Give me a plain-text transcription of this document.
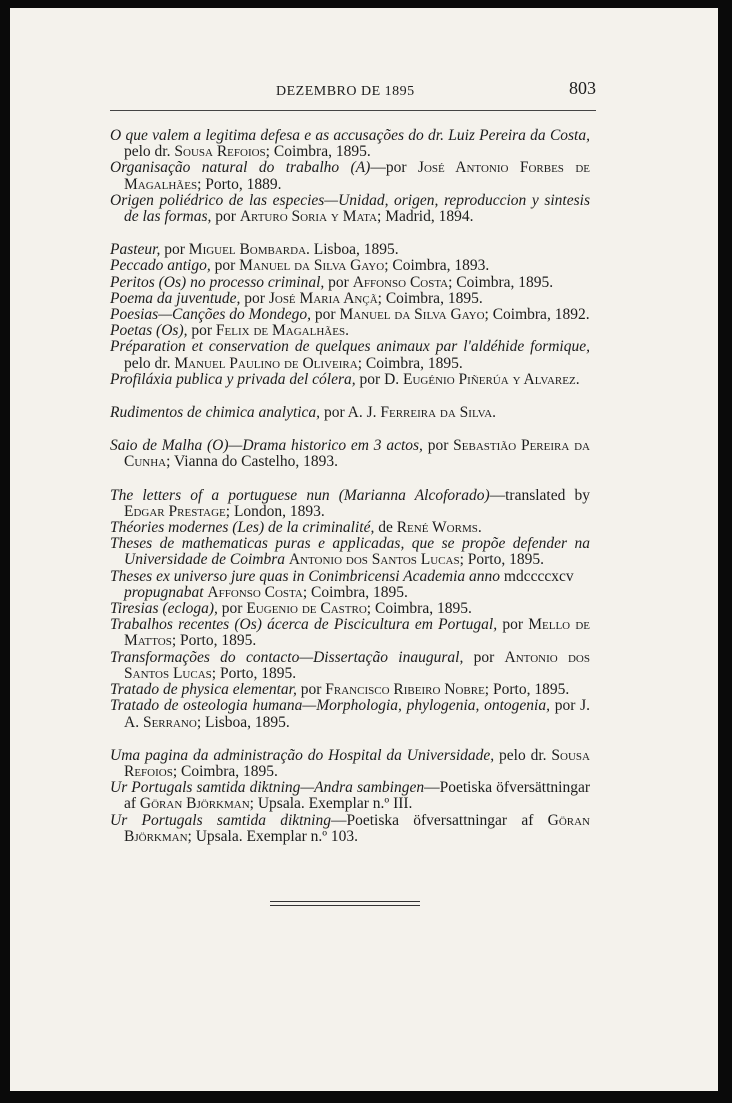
DEZEMBRO DE 1895	803

O que valem a legitima defesa e as accusações do dr. Luiz Pereira da Costa, pelo dr. Sousa Refoios; Coimbra, 1895.

Organisação natural do trabalho (A)—por José Antonio Forbes de Magalhães; Porto, 1889.

Origen poliédrico de las especies—Unidad, origen, reproduccion y sintesis de las formas, por Arturo Soria y Mata; Madrid, 1894.

Pasteur, por Miguel Bombarda. Lisboa, 1895.

Peccado antigo, por Manuel da Silva Gayo; Coimbra, 1893.

Peritos (Os) no processo criminal, por Affonso Costa; Coimbra, 1895.

Poema da juventude, por José Maria Ançã; Coimbra, 1895.

Poesias—Canções do Mondego, por Manuel da Silva Gayo; Coimbra, 1892.

Poetas (Os), por Felix de Magalhães.

Préparation et conservation de quelques animaux par l'aldéhide formique, pelo dr. Manuel Paulino de Oliveira; Coimbra, 1895.

Profiláxia publica y privada del cólera, por D. Eugénio Piñerúa y Alvarez.

Rudimentos de chimica analytica, por A. J. Ferreira da Silva.

Saio de Malha (O)—Drama historico em 3 actos, por Sebastião Pereira da Cunha; Vianna do Castelho, 1893.

The letters of a portuguese nun (Marianna Alcoforado)—translated by Edgar Prestage; London, 1893.

Théories modernes (Les) de la criminalité, de René Worms.

Theses de mathematicas puras e applicadas, que se propõe defender na Universidade de Coimbra Antonio dos Santos Lucas; Porto, 1895.

Theses ex universo jure quas in Conimbricensi Academia anno mdccccxcv

propugnabat Affonso Costa; Coimbra, 1895.

Tiresias (ecloga), por Eugenio de Castro; Coimbra, 1895.

Trabalhos recentes (Os) ácerca de Piscicultura em Portugal, por Mello de Mattos; Porto, 1895.

Transformações do contacto—Dissertação inaugural, por Antonio dos Santos Lucas; Porto, 1895.

Tratado de physica elementar, por Francisco Ribeiro Nobre; Porto, 1895.

Tratado de osteologia humana—Morphologia, phylogenia, ontogenia, por J. A. Serrano; Lisboa, 1895.

Uma pagina da administração do Hospital da Universidade, pelo dr. Sousa Refoios; Coimbra, 1895.

Ur Portugals samtida diktning—Andra sambingen—Poetiska öfversättningar af Göran Björkman; Upsala. Exemplar n.º III.

Ur Portugals samtida diktning—Poetiska öfversattningar af Göran Björkman; Upsala. Exemplar n.º 103.
